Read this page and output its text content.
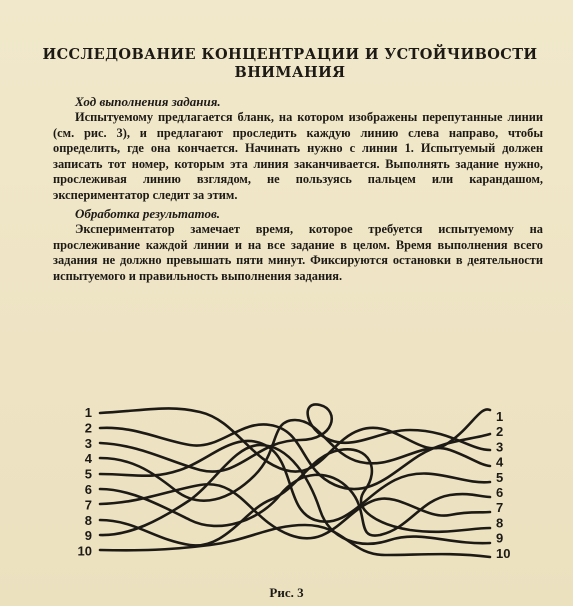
ИССЛЕДОВАНИЕ КОНЦЕНТРАЦИИ И УСТОЙЧИВОСТИ
ВНИМАНИЯ
Ход выполнения задания.

Испытуемому предлагается бланк, на котором изображены перепутанные линии (см. рис. 3), и предлагают проследить каждую линию слева направо, чтобы определить, где она кончается. Начинать нужно с линии 1. Испытуемый должен записать тот номер, которым эта линия заканчивается. Выполнять задание нужно, прослеживая линию взглядом, не пользуясь пальцем или карандашом, экспериментатор следит за этим.

Обработка результатов.

Экспериментатор замечает время, которое требуется испытуемому на прослеживание каждой линии и на все задание в целом. Время выполнения всего задания не должно превышать пяти минут. Фиксируются остановки в деятельности испытуемого и правильность выполнения задания.

1
2
3
4
5
6
7
8
9
10
1
2
3
4
5
6
7
8
9
10
Рис. 3
